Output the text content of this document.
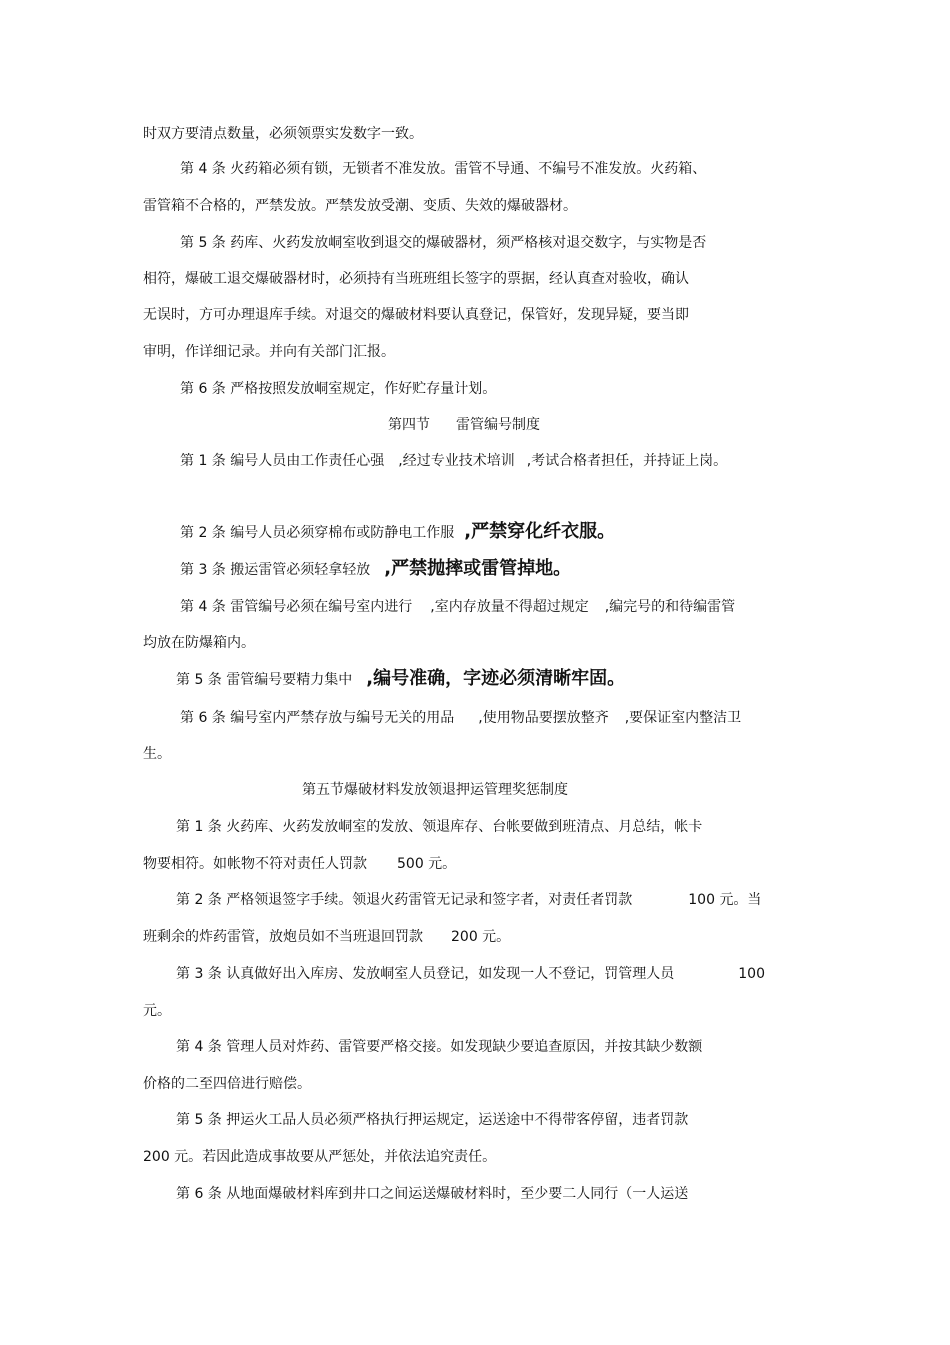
时双方要清点数量，必须领票实发数字一致。
第 4 条 火药箱必须有锁，无锁者不准发放。雷管不导通、不编号不准发放。火药箱、
雷管箱不合格的，严禁发放。严禁发放受潮、变质、失效的爆破器材。
第 5 条 药库、火药发放峒室收到退交的爆破器材，须严格核对退交数字，与实物是否
相符，爆破工退交爆破器材时，必须持有当班班组长签字的票据，经认真查对验收，确认
无误时，方可办理退库手续。对退交的爆破材料要认真登记，保管好，发现异疑，要当即
审明，作详细记录。并向有关部门汇报。
第 6 条 严格按照发放峒室规定，作好贮存量计划。
第四节 雷管编号制度
第 1 条 编号人员由工作责任心强 ,经过专业技术培训 ,考试合格者担任，并持证上岗。
第 2 条 编号人员必须穿棉布或防静电工作服 ,严禁穿化纤衣服。
第 3 条 搬运雷管必须轻拿轻放 ,严禁抛摔或雷管掉地。
第 4 条 雷管编号必须在编号室内进行 ,室内存放量不得超过规定 ,编完号的和待编雷管
均放在防爆箱内。
第 5 条 雷管编号要精力集中 ,编号准确，字迹必须清晰牢固。
第 6 条 编号室内严禁存放与编号无关的用品 ,使用物品要摆放整齐 ,要保证室内整洁卫
生。
第五节爆破材料发放领退押运管理奖惩制度
第 1 条 火药库、火药发放峒室的发放、领退库存、台帐要做到班清点、月总结，帐卡
物要相符。如帐物不符对责任人罚款 500 元。
第 2 条 严格领退签字手续。领退火药雷管无记录和签字者，对责任者罚款	100 元。当
班剩余的炸药雷管，放炮员如不当班退回罚款 200 元。
第 3 条 认真做好出入库房、发放峒室人员登记，如发现一人不登记，罚管理人员	100
元。
第 4 条 管理人员对炸药、雷管要严格交接。如发现缺少要追查原因，并按其缺少数额
价格的二至四倍进行赔偿。
第 5 条 押运火工品人员必须严格执行押运规定，运送途中不得带客停留，违者罚款
200 元。若因此造成事故要从严惩处，并依法追究责任。
第 6 条 从地面爆破材料库到井口之间运送爆破材料时，至少要二人同行（一人运送
